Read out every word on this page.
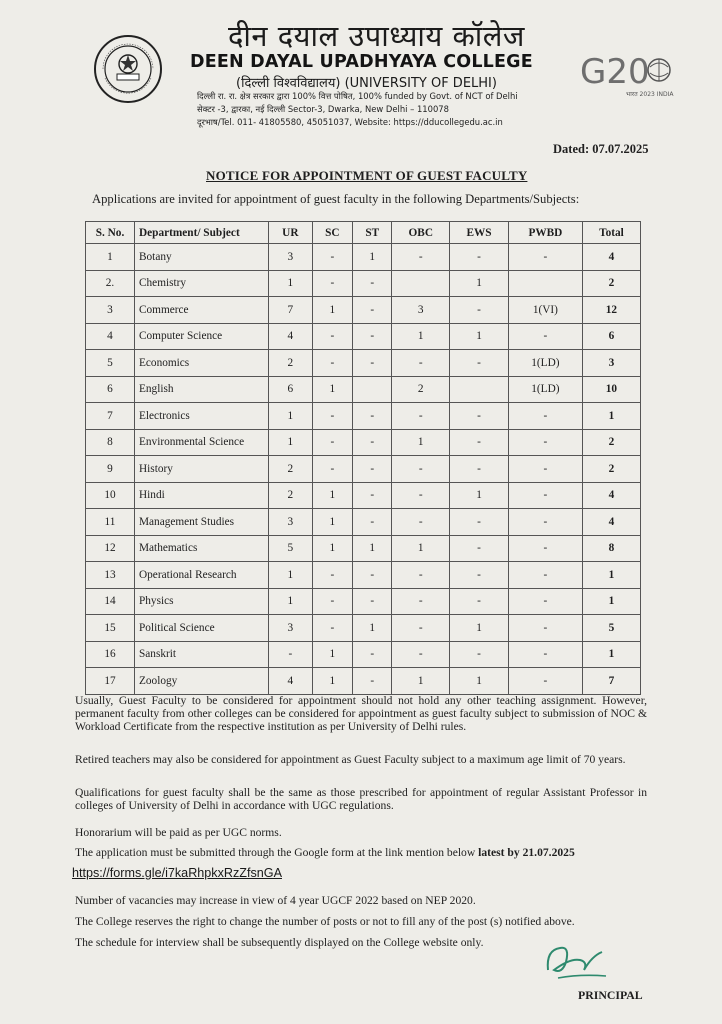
दीन दयाल उपाध्याय कॉलेज
DEEN DAYAL UPADHYAYA COLLEGE
(दिल्ली विश्वविद्यालय) (UNIVERSITY OF DELHI)
दिल्ली रा. रा. क्षेत्र सरकार द्वारा 100% वित्त पोषित, 100% funded by Govt. of NCT of Delhi
सेक्टर -3, द्वारका, नई दिल्ली Sector-3, Dwarka, New Delhi – 110078
दूरभाष/Tel. 011- 41805580, 45051037, Website: https://dducollegedu.ac.in
G20
भारत 2023 INDIA
Dated: 07.07.2025
NOTICE FOR APPOINTMENT OF GUEST FACULTY
Applications are invited for appointment of guest faculty in the following Departments/Subjects:
S. No.	Department/ Subject	UR	SC	ST	OBC	EWS	PWBD	Total
1	Botany	3	-	1	-	-	-	4
2.	Chemistry	1	-	-		1		2
3	Commerce	7	1	-	3	-	1(VI)	12
4	Computer Science	4	-	-	1	1	-	6
5	Economics	2	-	-	-	-	1(LD)	3
6	English	6	1		2		1(LD)	10
7	Electronics	1	-	-	-	-	-	1
8	Environmental Science	1	-	-	1	-	-	2
9	History	2	-	-	-	-	-	2
10	Hindi	2	1	-	-	1	-	4
11	Management Studies	3	1	-	-	-	-	4
12	Mathematics	5	1	1	1	-	-	8
13	Operational Research	1	-	-	-	-	-	1
14	Physics	1	-	-	-	-	-	1
15	Political Science	3	-	1	-	1	-	5
16	Sanskrit	-	1	-	-	-	-	1
17	Zoology	4	1	-	1	1	-	7
Usually, Guest Faculty to be considered for appointment should not hold any other teaching assignment. However, permanent faculty from other colleges can be considered for appointment as guest faculty subject to submission of NOC & Workload Certificate from the respective institution as per University of Delhi rules.
Retired teachers may also be considered for appointment as Guest Faculty subject to a maximum age limit of 70 years.
Qualifications for guest faculty shall be the same as those prescribed for appointment of regular Assistant Professor in colleges of University of Delhi in accordance with UGC regulations.
Honorarium will be paid as per UGC norms.
The application must be submitted through the Google form at the link mention below latest by 21.07.2025
https://forms.gle/i7kaRhpkxRzZfsnGA
Number of vacancies may increase in view of 4 year UGCF 2022 based on NEP 2020.
The College reserves the right to change the number of posts or not to fill any of the post (s) notified above.
The schedule for interview shall be subsequently displayed on the College website only.
PRINCIPAL
